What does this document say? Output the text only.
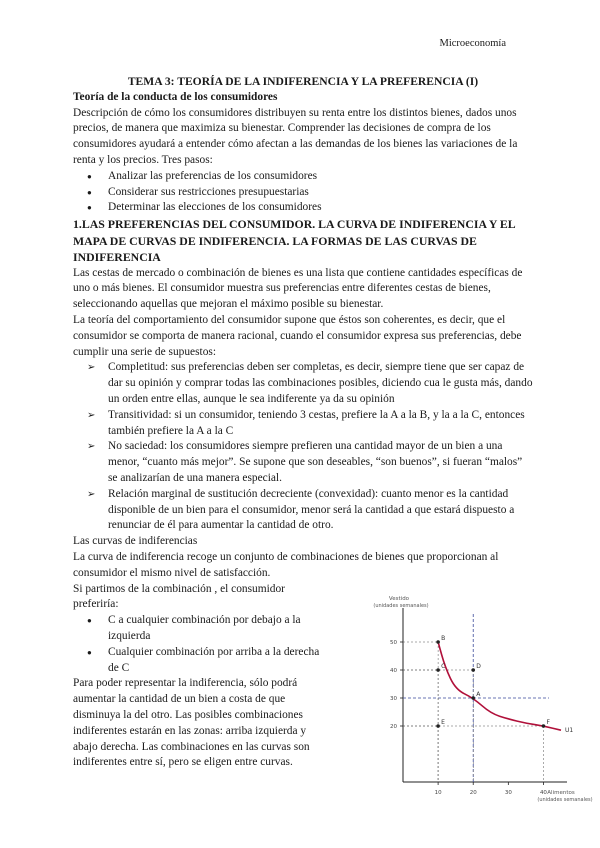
Microeconomía

TEMA 3: TEORÍA DE LA INDIFERENCIA Y LA PREFERENCIA (I)

Teoría de la conducta de los consumidores

Descripción de cómo los consumidores distribuyen su renta entre los distintos bienes, dados unos precios, de manera que maximiza su bienestar. Comprender las decisiones de compra de los consumidores ayudará a entender cómo afectan a las demandas de los bienes las variaciones de la renta y los precios. Tres pasos:

● Analizar las preferencias de los consumidores
● Considerar sus restricciones presupuestarias
● Determinar las elecciones de los consumidores

1.LAS PREFERENCIAS DEL CONSUMIDOR. LA CURVA DE INDIFERENCIA Y EL MAPA DE CURVAS DE INDIFERENCIA. LA FORMAS DE LAS CURVAS DE INDIFERENCIA

Las cestas de mercado o combinación de bienes es una lista que contiene cantidades específicas de uno o más bienes. El consumidor muestra sus preferencias entre diferentes cestas de bienes, seleccionando aquellas que mejoran el máximo posible su bienestar.

La teoría del comportamiento del consumidor supone que éstos son coherentes, es decir, que el consumidor se comporta de manera racional, cuando el consumidor expresa sus preferencias, debe cumplir una serie de supuestos:

➢ Completitud: sus preferencias deben ser completas, es decir, siempre tiene que ser capaz de dar su opinión y comprar todas las combinaciones posibles, diciendo cua le gusta más, dando un orden entre ellas, aunque le sea indiferente ya da su opinión
➢ Transitividad: si un consumidor, teniendo 3 cestas, prefiere la A a la B, y la a la C, entonces también prefiere la A a la C
➢ No saciedad: los consumidores siempre prefieren una cantidad mayor de un bien a una menor, “cuanto más mejor”. Se supone que son deseables, “son buenos”, si fueran “malos” se analizarían de una manera especial.
➢ Relación marginal de sustitución decreciente (convexidad): cuanto menor es la cantidad disponible de un bien para el consumidor, menor será la cantidad a que estará dispuesto a renunciar de él para aumentar la cantidad de otro.

Las curvas de indiferencias

La curva de indiferencia recoge un conjunto de combinaciones de bienes que proporcionan al consumidor el mismo nivel de satisfacción.

Si partimos de la combinación , el consumidor preferiría:

● C a cualquier combinación por debajo a la izquierda
● Cualquier combinación por arriba a la derecha de C

Para poder representar la indiferencia, sólo podrá aumentar la cantidad de un bien a costa de que disminuya la del otro. Las posibles combinaciones indiferentes estarán en las zonas: arriba izquierda y abajo derecha. Las combinaciones en las curvas son indiferentes entre sí, pero se eligen entre curvas.

Vestido
(unidades semanales)
Alimentos
(unidades semanales)
20
30
40
50
10	20	30	40
U1
A
B
C	D
E	F
